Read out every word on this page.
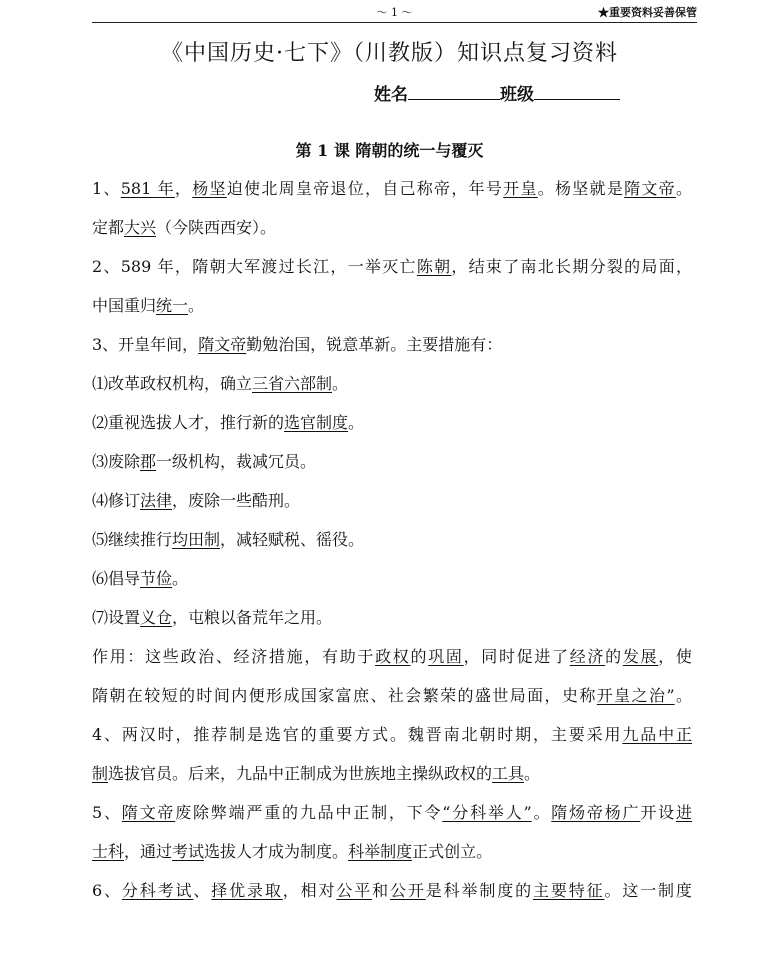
～ 1 ～	★重要资料妥善保管
《中国历史·七下》（川教版）知识点复习资料
姓名	班级
第 1 课 隋朝的统一与覆灭
1、581 年，杨坚迫使北周皇帝退位，自己称帝，年号开皇。杨坚就是隋文帝。
定都大兴（今陕西西安）。
2、589 年，隋朝大军渡过长江，一举灭亡陈朝，结束了南北长期分裂的局面，
中国重归统一。
3、开皇年间，隋文帝勤勉治国，锐意革新。主要措施有：
⑴改革政权机构，确立三省六部制。
⑵重视选拔人才，推行新的选官制度。
⑶废除郡一级机构，裁减冗员。
⑷修订法律，废除一些酷刑。
⑸继续推行均田制，减轻赋税、徭役。
⑹倡导节俭。
⑺设置义仓，屯粮以备荒年之用。
作用：这些政治、经济措施，有助于政权的巩固，同时促进了经济的发展，使
隋朝在较短的时间内便形成国家富庶、社会繁荣的盛世局面，史称开皇之治”。
4、两汉时，推荐制是选官的重要方式。魏晋南北朝时期，主要采用九品中正
制选拔官员。后来，九品中正制成为世族地主操纵政权的工具。
5、隋文帝废除弊端严重的九品中正制，下令“分科举人”。隋炀帝杨广开设进
士科，通过考试选拔人才成为制度。科举制度正式创立。
6、分科考试、择优录取，相对公平和公开是科举制度的主要特征。这一制度
